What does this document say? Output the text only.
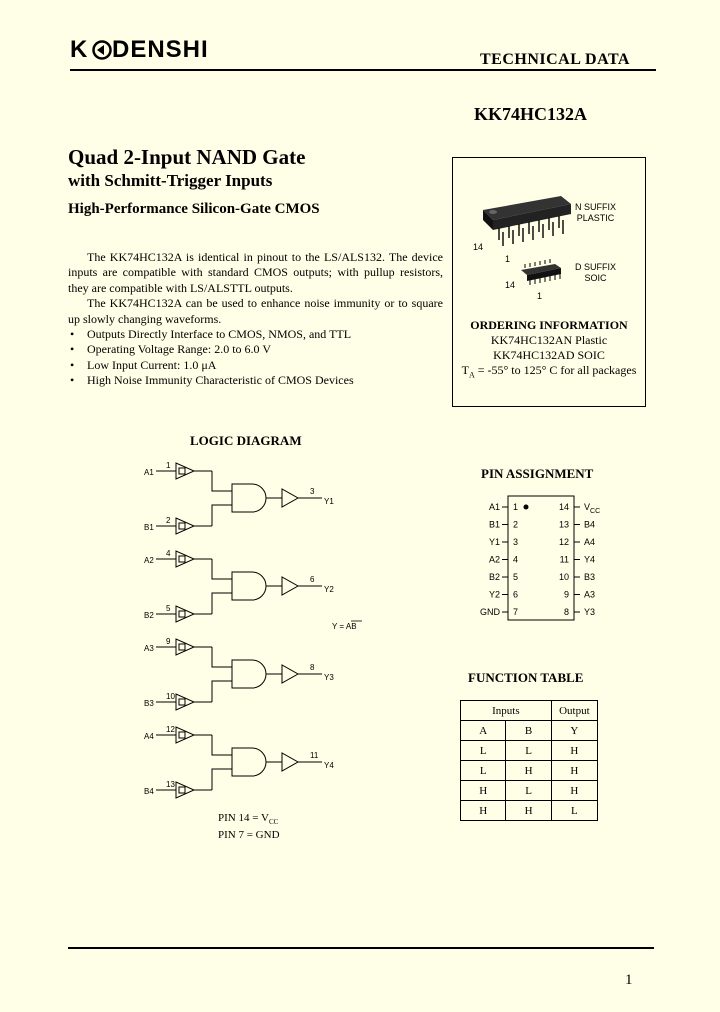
K DENSHI	TECHNICAL DATA
KK74HC132A
Quad 2-Input NAND Gate
with Schmitt-Trigger Inputs
High-Performance Silicon-Gate CMOS

The KK74HC132A is identical in pinout to the LS/ALS132. The device inputs are compatible with standard CMOS outputs; with pullup resistors, they are compatible with LS/ALSTTL outputs.

The KK74HC132A can be used to enhance noise immunity or to square up slowly changing waveforms.

• Outputs Directly Interface to CMOS, NMOS, and TTL
• Operating Voltage Range: 2.0 to 6.0 V
• Low Input Current: 1.0 μA
• High Noise Immunity Characteristic of CMOS Devices
14
1
14
1
N SUFFIX
PLASTIC
D SUFFIX
SOIC
ORDERING INFORMATION
KK74HC132AN Plastic
KK74HC132AD SOIC
$T_A = -55^\circ$ to 125° C for all packages
LOGIC DIAGRAM
A1
1
B1
2
3
Y1
A2
4
B2
5
6
Y2
A3
9
B3
10
8
Y3
A4
12
B4
13
11
Y4
Y = AB
PIN $14 = V_{CC}$
PIN 7 = GND
PIN ASSIGNMENT
A1 1	14 $V_{CC}$
B1 2	13 B4
Y1 3	12 A4
A2 4	11 Y4
B2 5	10 B3
Y2 6	9 A3
GND 7	8 Y3
FUNCTION TABLE
Inputs		Output
A	B	Y
L	L	H
L	H	H
H	L	H
H	H	L
1
